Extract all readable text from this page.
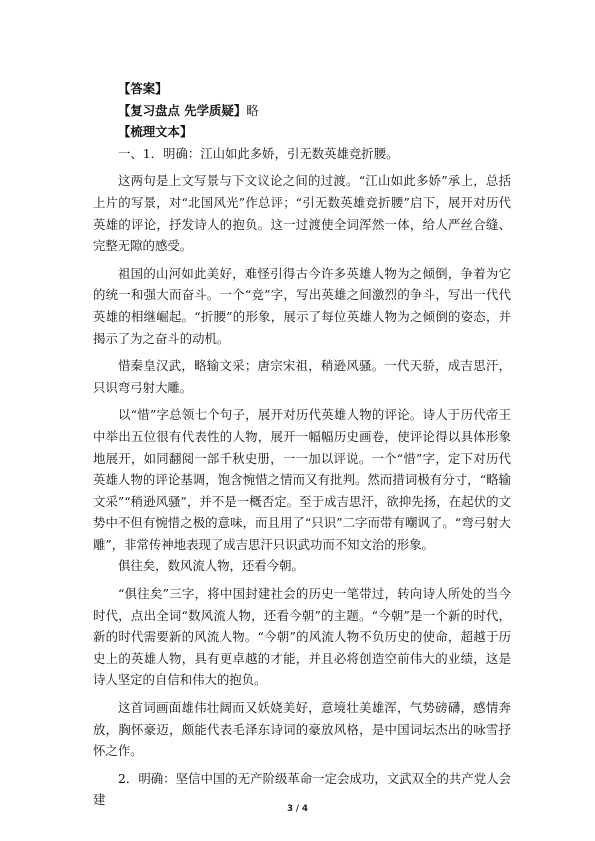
【答案】

【复习盘点 先学质疑】略

【梳理文本】

一、1．明确：江山如此多娇，引无数英雄竞折腰。

这两句是上文写景与下文议论之间的过渡。“江山如此多娇”承上，总括上片的写景，对“北国风光”作总评；“引无数英雄竞折腰”启下，展开对历代英雄的评论，抒发诗人的抱负。这一过渡使全词浑然一体，给人严丝合缝、完整无隙的感受。

祖国的山河如此美好，难怪引得古今许多英雄人物为之倾倒，争着为它的统一和强大而奋斗。一个“竞”字，写出英雄之间激烈的争斗，写出一代代英雄的相继崛起。“折腰”的形象，展示了每位英雄人物为之倾倒的姿态，并揭示了为之奋斗的动机。

惜秦皇汉武，略输文采；唐宗宋祖，稍逊风骚。一代天骄，成吉思汗，只识弯弓射大雕。

以“惜”字总领七个句子，展开对历代英雄人物的评论。诗人于历代帝王中举出五位很有代表性的人物，展开一幅幅历史画卷，使评论得以具体形象地展开，如同翻阅一部千秋史册，一一加以评说。一个“惜”字，定下对历代英雄人物的评论基调，饱含惋惜之情而又有批判。然而措词极有分寸，“略输文采”“稍逊风骚”，并不是一概否定。至于成吉思汗，欲抑先扬，在起伏的文势中不但有惋惜之极的意味，而且用了“只识”二字而带有嘲讽了。“弯弓射大雕”，非常传神地表现了成吉思汗只识武功而不知文治的形象。

俱往矣，数风流人物，还看今朝。

“俱往矣”三字，将中国封建社会的历史一笔带过，转向诗人所处的当今时代，点出全词“数风流人物，还看今朝”的主题。“今朝”是一个新的时代，新的时代需要新的风流人物。“今朝”的风流人物不负历史的使命，超越于历史上的英雄人物，具有更卓越的才能，并且必将创造空前伟大的业绩，这是诗人坚定的自信和伟大的抱负。

这首词画面雄伟壮阔而又妖娆美好，意境壮美雄浑，气势磅礴，感情奔放，胸怀豪迈，颇能代表毛泽东诗词的豪放风格，是中国词坛杰出的咏雪抒怀之作。

2．明确：坚信中国的无产阶级革命一定会成功，文武双全的共产党人会建

3 / 4
